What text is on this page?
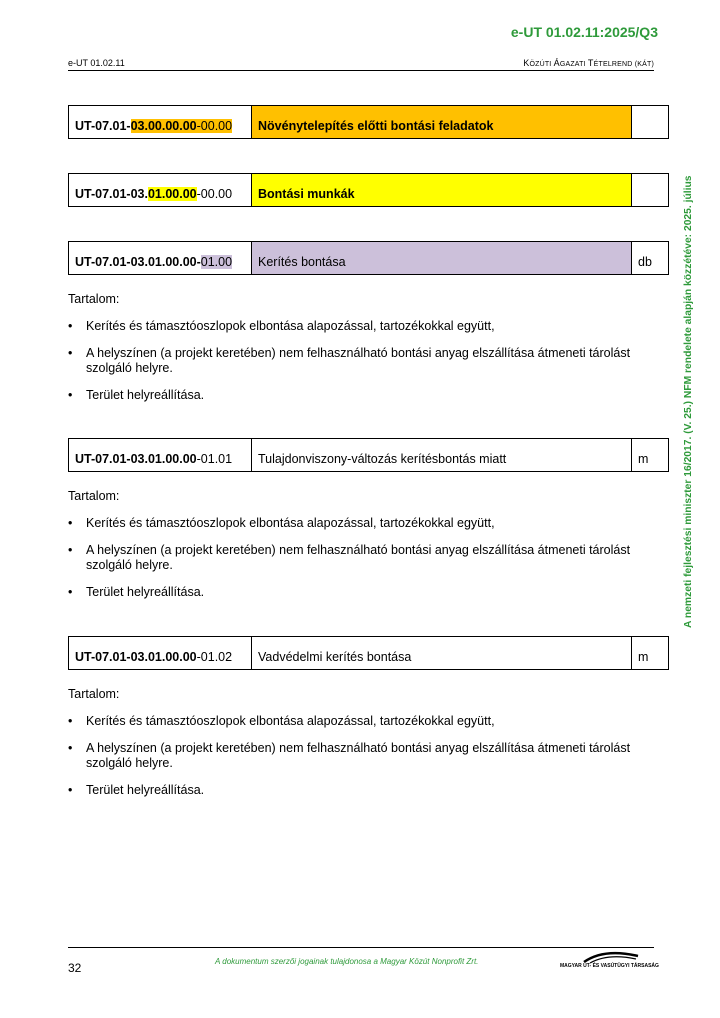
e-UT 01.02.11:2025/Q3
e-UT 01.02.11	KÖZÚTI ÁGAZATI TÉTELREND (KÁT)
A nemzeti fejlesztési miniszter 16/2017. (V. 25.) NFM rendelete alapján közzétéve: 2025. július
UT-07.01- 03.00.00.00 -00.00	Növénytelepítés előtti bontási feladatok
UT-07.01-03. 01.00.00 -00.00	Bontási munkák
UT-07.01-03.01.00.00- 01.00	Kerítés bontása	db
Tartalom:
• Kerítés és támasztóoszlopok elbontása alapozással, tartozékokkal együtt,
• A helyszínen (a projekt keretében) nem felhasználható bontási anyag elszállítása átmeneti tárolást szolgáló helyre.
• Terület helyreállítása.
UT-07.01-03.01.00.00 -01.01	Tulajdonviszony-változás kerítésbontás miatt	m
Tartalom:
• Kerítés és támasztóoszlopok elbontása alapozással, tartozékokkal együtt,
• A helyszínen (a projekt keretében) nem felhasználható bontási anyag elszállítása átmeneti tárolást szolgáló helyre.
• Terület helyreállítása.
UT-07.01-03.01.00.00 -01.02	Vadvédelmi kerítés bontása	m
Tartalom:
• Kerítés és támasztóoszlopok elbontása alapozással, tartozékokkal együtt,
• A helyszínen (a projekt keretében) nem felhasználható bontási anyag elszállítása átmeneti tárolást szolgáló helyre.
• Terület helyreállítása.
32	A dokumentum szerzői jogainak tulajdonosa a Magyar Közút Nonprofit Zrt.	MAGYAR ÚT- ÉS VASÚTÜGYI TÁRSASÁG
